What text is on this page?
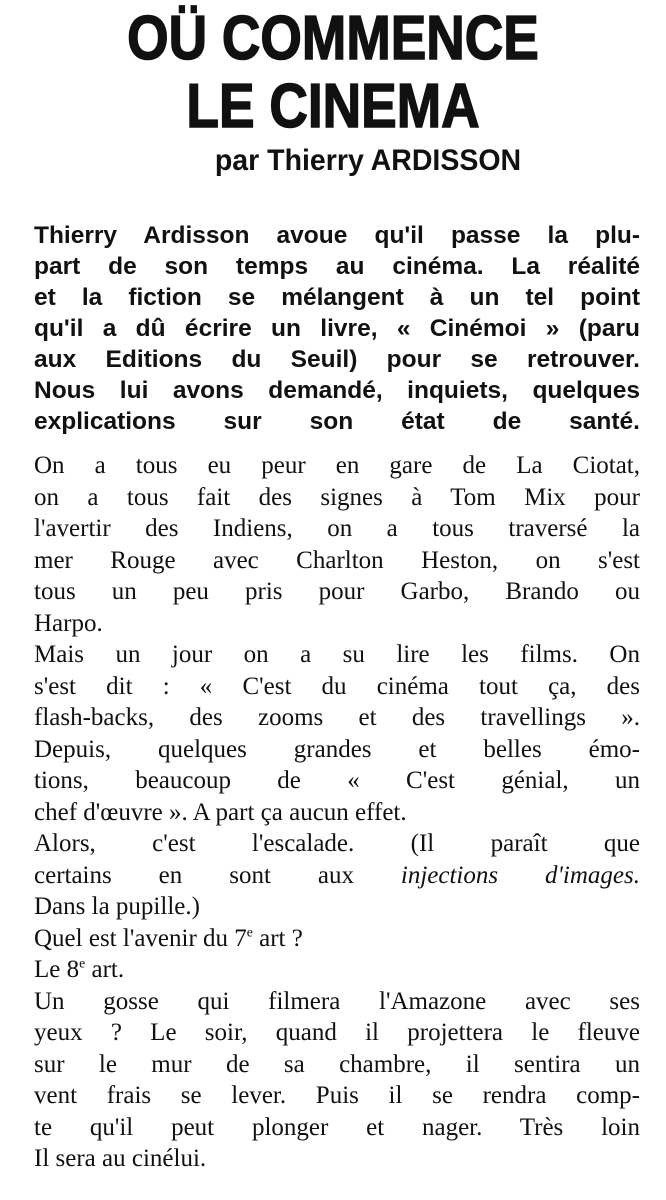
OÜ COMMENCE
LE CINEMA
par Thierry ARDISSON
Thierry Ardisson avoue qu'il passe la plu-
part de son temps au cinéma. La réalité
et la fiction se mélangent à un tel point
qu'il a dû écrire un livre, « Cinémoi » (paru
aux Editions du Seuil) pour se retrouver.
Nous lui avons demandé, inquiets, quelques
explications sur son état de santé.

On a tous eu peur en gare de La Ciotat,
on a tous fait des signes à Tom Mix pour
l'avertir des Indiens, on a tous traversé la
mer Rouge avec Charlton Heston, on s'est
tous un peu pris pour Garbo, Brando ou
Harpo.

Mais un jour on a su lire les films. On
s'est dit : « C'est du cinéma tout ça, des
flash-backs, des zooms et des travellings ».
Depuis, quelques grandes et belles émo-
tions, beaucoup de « C'est génial, un
chef d'œuvre ». A part ça aucun effet.

Alors, c'est l'escalade. (Il paraît que
certains en sont aux injections d'images.
Dans la pupille.)

Quel est l'avenir du 7e art ?

Le 8e art.

Un gosse qui filmera l'Amazone avec ses
yeux ? Le soir, quand il projettera le fleuve
sur le mur de sa chambre, il sentira un
vent frais se lever. Puis il se rendra comp-
te qu'il peut plonger et nager. Très loin
Il sera au cinélui.
